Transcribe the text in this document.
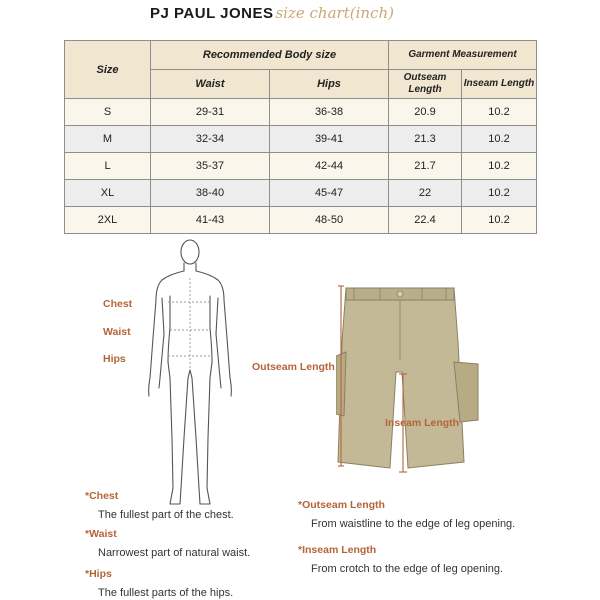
PJ PAUL JONES size chart(inch)
Size	Recommended Body size		Garment Measurement	
	Waist	Hips	Outseam Length	Inseam Length
S	29-31	36-38	20.9	10.2
M	32-34	39-41	21.3	10.2
L	35-37	42-44	21.7	10.2
XL	38-40	45-47	22	10.2
2XL	41-43	48-50	22.4	10.2
Chest
Waist
Hips
Outseam Length
Inseam Length
*Chest
The fullest part of the chest.
*Waist
Narrowest part of natural waist.
*Hips
The fullest parts of the hips.
*Outseam Length
From waistline to the edge of leg opening.
*Inseam Length
From crotch to the edge of leg opening.
